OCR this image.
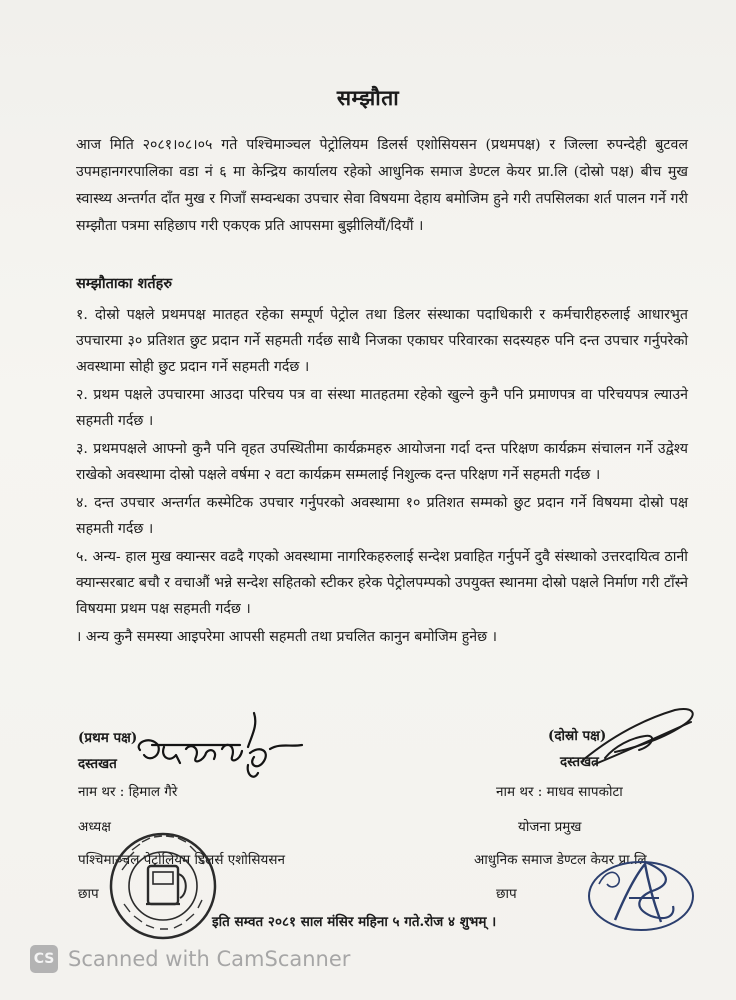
सम्झौता
आज मिति २०८१।०८।०५ गते पश्चिमाञ्चल पेट्रोलियम डिलर्स एशोसियसन (प्रथमपक्ष) र जिल्ला रुपन्देही बुटवल उपमहानगरपालिका वडा नं ६ मा केन्द्रिय कार्यालय रहेको आधुनिक समाज डेण्टल केयर प्रा.लि (दोस्रो पक्ष) बीच मुख स्वास्थ्य अन्तर्गत दाँत मुख र गिजाँ सम्वन्धका उपचार सेवा विषयमा देहाय बमोजिम हुने गरी तपसिलका शर्त पालन गर्ने गरी सम्झौता पत्रमा सहिछाप गरी एकएक प्रति आपसमा बुझीलियौं/दियौं ।
सम्झौताका शर्तहरु

१. दोस्रो पक्षले प्रथमपक्ष मातहत रहेका सम्पूर्ण पेट्रोल तथा डिलर संस्थाका पदाधिकारी र कर्मचारीहरुलाई आधारभुत उपचारमा ३० प्रतिशत छुट प्रदान गर्ने सहमती गर्दछ साथै निजका एकाघर परिवारका सदस्यहरु पनि दन्त उपचार गर्नुपरेको अवस्थामा सोही छुट प्रदान गर्ने सहमती गर्दछ ।

२. प्रथम पक्षले उपचारमा आउदा परिचय पत्र वा संस्था मातहतमा रहेको खुल्ने कुनै पनि प्रमाणपत्र वा परिचयपत्र ल्याउने सहमती गर्दछ ।

३. प्रथमपक्षले आफ्नो कुनै पनि वृहत उपस्थितीमा कार्यक्रमहरु आयोजना गर्दा दन्त परिक्षण कार्यक्रम संचालन गर्ने उद्वेश्य राखेको अवस्थामा दोस्रो पक्षले वर्षमा २ वटा कार्यक्रम सम्मलाई निशुल्क दन्त परिक्षण गर्ने सहमती गर्दछ ।

४. दन्त उपचार अन्तर्गत कस्मेटिक उपचार गर्नुपरको अवस्थामा १० प्रतिशत सम्मको छुट प्रदान गर्ने विषयमा दोस्रो पक्ष सहमती गर्दछ ।

५. अन्य- हाल मुख क्यान्सर वढदै गएको अवस्थामा नागरिकहरुलाई सन्देश प्रवाहित गर्नुपर्ने दुवै संस्थाको उत्तरदायित्व ठानी क्यान्सरबाट बचौ र वचाऔं भन्ने सन्देश सहितको स्टीकर हरेक पेट्रोलपम्पको उपयुक्त स्थानमा दोस्रो पक्षले निर्माण गरी टाँस्ने विषयमा प्रथम पक्ष सहमती गर्दछ ।

। अन्य कुनै समस्या आइपरेमा आपसी सहमती तथा प्रचलित कानुन बमोजिम हुनेछ ।

(प्रथम पक्ष)
दस्तखत
नाम थर : हिमाल गैरे
अध्यक्ष
पश्चिमाञ्चल पेट्रोलियम डिलर्स एशोसियसन
छाप
(दोस्रो पक्ष)
दस्तखत
नाम थर : माधव सापकोटा
योजना प्रमुख
आधुनिक समाज डेण्टल केयर प्रा.लि
छाप
इति सम्वत २०८१ साल मंसिर महिना ५ गते.रोज ४ शुभम् ।
CS Scanned with CamScanner
